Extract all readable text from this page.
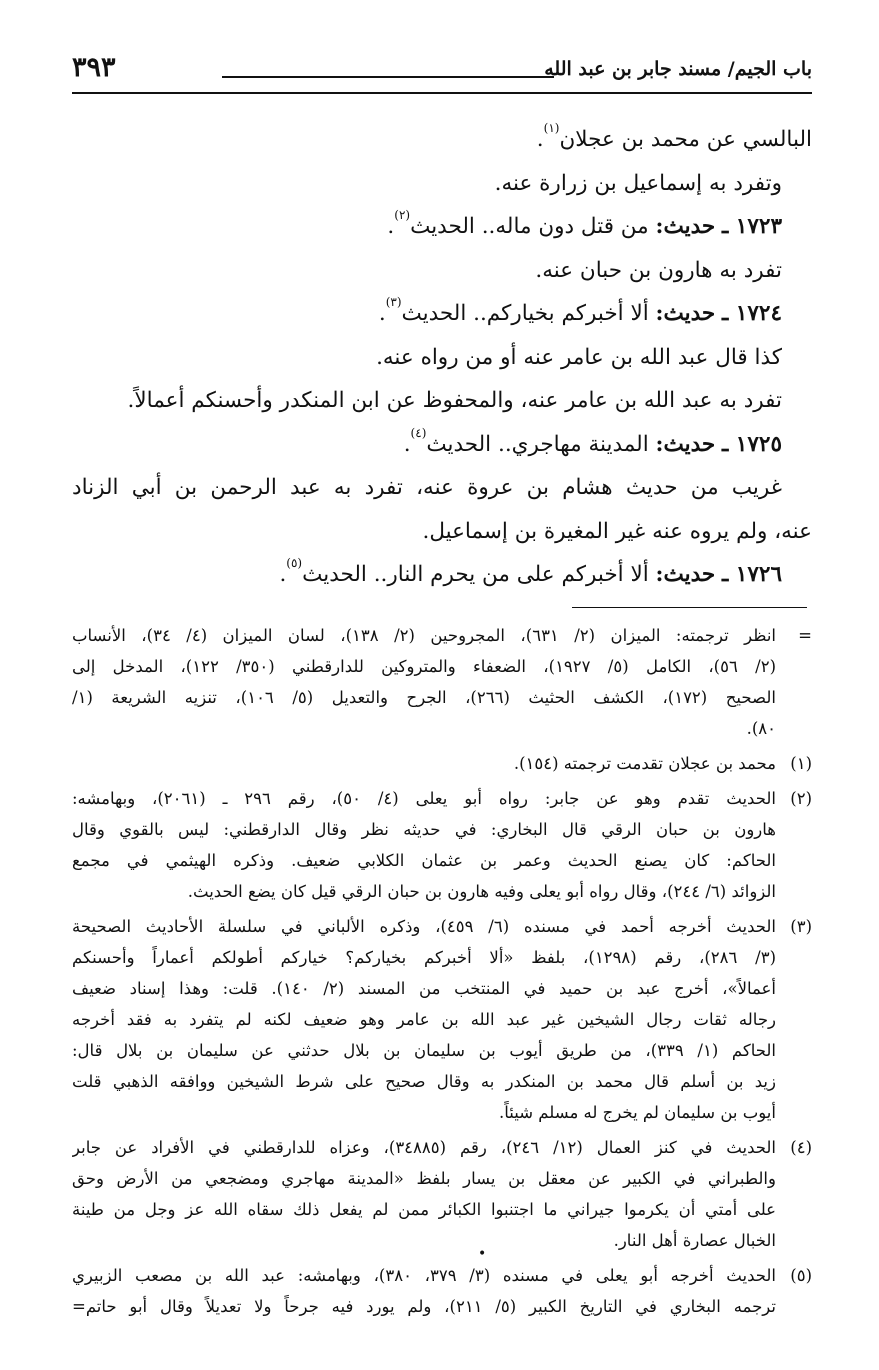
باب الجيم/ مسند جابر بن عبد الله
٣٩٣
البالسي عن محمد بن عجلان$^{(١)}$.
وتفرد به إسماعيل بن زرارة عنه.
١٧٢٣ ـ حديث: من قتل دون ماله.. الحديث$^{(٢)}$.
تفرد به هارون بن حبان عنه.
١٧٢٤ ـ حديث: ألا أخبركم بخياركم.. الحديث$^{(٣)}$.
كذا قال عبد الله بن عامر عنه أو من رواه عنه.
تفرد به عبد الله بن عامر عنه، والمحفوظ عن ابن المنكدر وأحسنكم أعمالاً.
١٧٢٥ ـ حديث: المدينة مهاجري.. الحديث$^{(٤)}$.
غريب من حديث هشام بن عروة عنه، تفرد به عبد الرحمن بن أبي الزناد
عنه، ولم يروه عنه غير المغيرة بن إسماعيل.
١٧٢٦ ـ حديث: ألا أخبركم على من يحرم النار.. الحديث$^{(٥)}$.
=
انظر ترجمته: الميزان (٢/ ٦٣١)، المجروحين (٢/ ١٣٨)، لسان الميزان (٤/ ٣٤)، الأنساب
(٢/ ٥٦)، الكامل (٥/ ١٩٢٧)، الضعفاء والمتروكين للدارقطني (٣٥٠/ ١٢٢)، المدخل إلى
الصحيح (١٧٢)، الكشف الحثيث (٢٦٦)، الجرح والتعديل (٥/ ١٠٦)، تنزيه الشريعة (١/
٨٠).
(١)
محمد بن عجلان تقدمت ترجمته (١٥٤).
(٢)
الحديث تقدم وهو عن جابر: رواه أبو يعلى (٤/ ٥٠)، رقم ٢٩٦ ـ (٢٠٦١)، وبهامشه:
هارون بن حبان الرقي قال البخاري: في حديثه نظر وقال الدارقطني: ليس بالقوي وقال
الحاكم: كان يصنع الحديث وعمر بن عثمان الكلابي ضعيف. وذكره الهيثمي في مجمع
الزوائد (٦/ ٢٤٤)، وقال رواه أبو يعلى وفيه هارون بن حبان الرقي قيل كان يضع الحديث.
(٣)
الحديث أخرجه أحمد في مسنده (٦/ ٤٥٩)، وذكره الألباني في سلسلة الأحاديث الصحيحة
(٣/ ٢٨٦)، رقم (١٢٩٨)، بلفظ «ألا أخبركم بخياركم؟ خياركم أطولكم أعماراً وأحسنكم
أعمالاً»، أخرج عبد بن حميد في المنتخب من المسند (٢/ ١٤٠). قلت: وهذا إسناد ضعيف
رجاله ثقات رجال الشيخين غير عبد الله بن عامر وهو ضعيف لكنه لم يتفرد به فقد أخرجه
الحاكم (١/ ٣٣٩)، من طريق أيوب بن سليمان بن بلال حدثني عن سليمان بن بلال قال:
زيد بن أسلم قال محمد بن المنكدر به وقال صحيح على شرط الشيخين ووافقه الذهبي قلت
أيوب بن سليمان لم يخرج له مسلم شيئاً.
(٤)
الحديث في كنز العمال (١٢/ ٢٤٦)، رقم (٣٤٨٨٥)، وعزاه للدارقطني في الأفراد عن جابر
والطبراني في الكبير عن معقل بن يسار بلفظ «المدينة مهاجري ومضجعي من الأرض وحق
على أمتي أن يكرموا جيراني ما اجتنبوا الكبائر ممن لم يفعل ذلك سقاه الله عز وجل من طينة
الخبال عصارة أهل النار.
(٥)
الحديث أخرجه أبو يعلى في مسنده (٣/ ٣٧٩، ٣٨٠)، وبهامشه: عبد الله بن مصعب الزبيري
ترجمه البخاري في التاريخ الكبير (٥/ ٢١١)، ولم يورد فيه جرحاً ولا تعديلاً وقال أبو حاتم=
•
